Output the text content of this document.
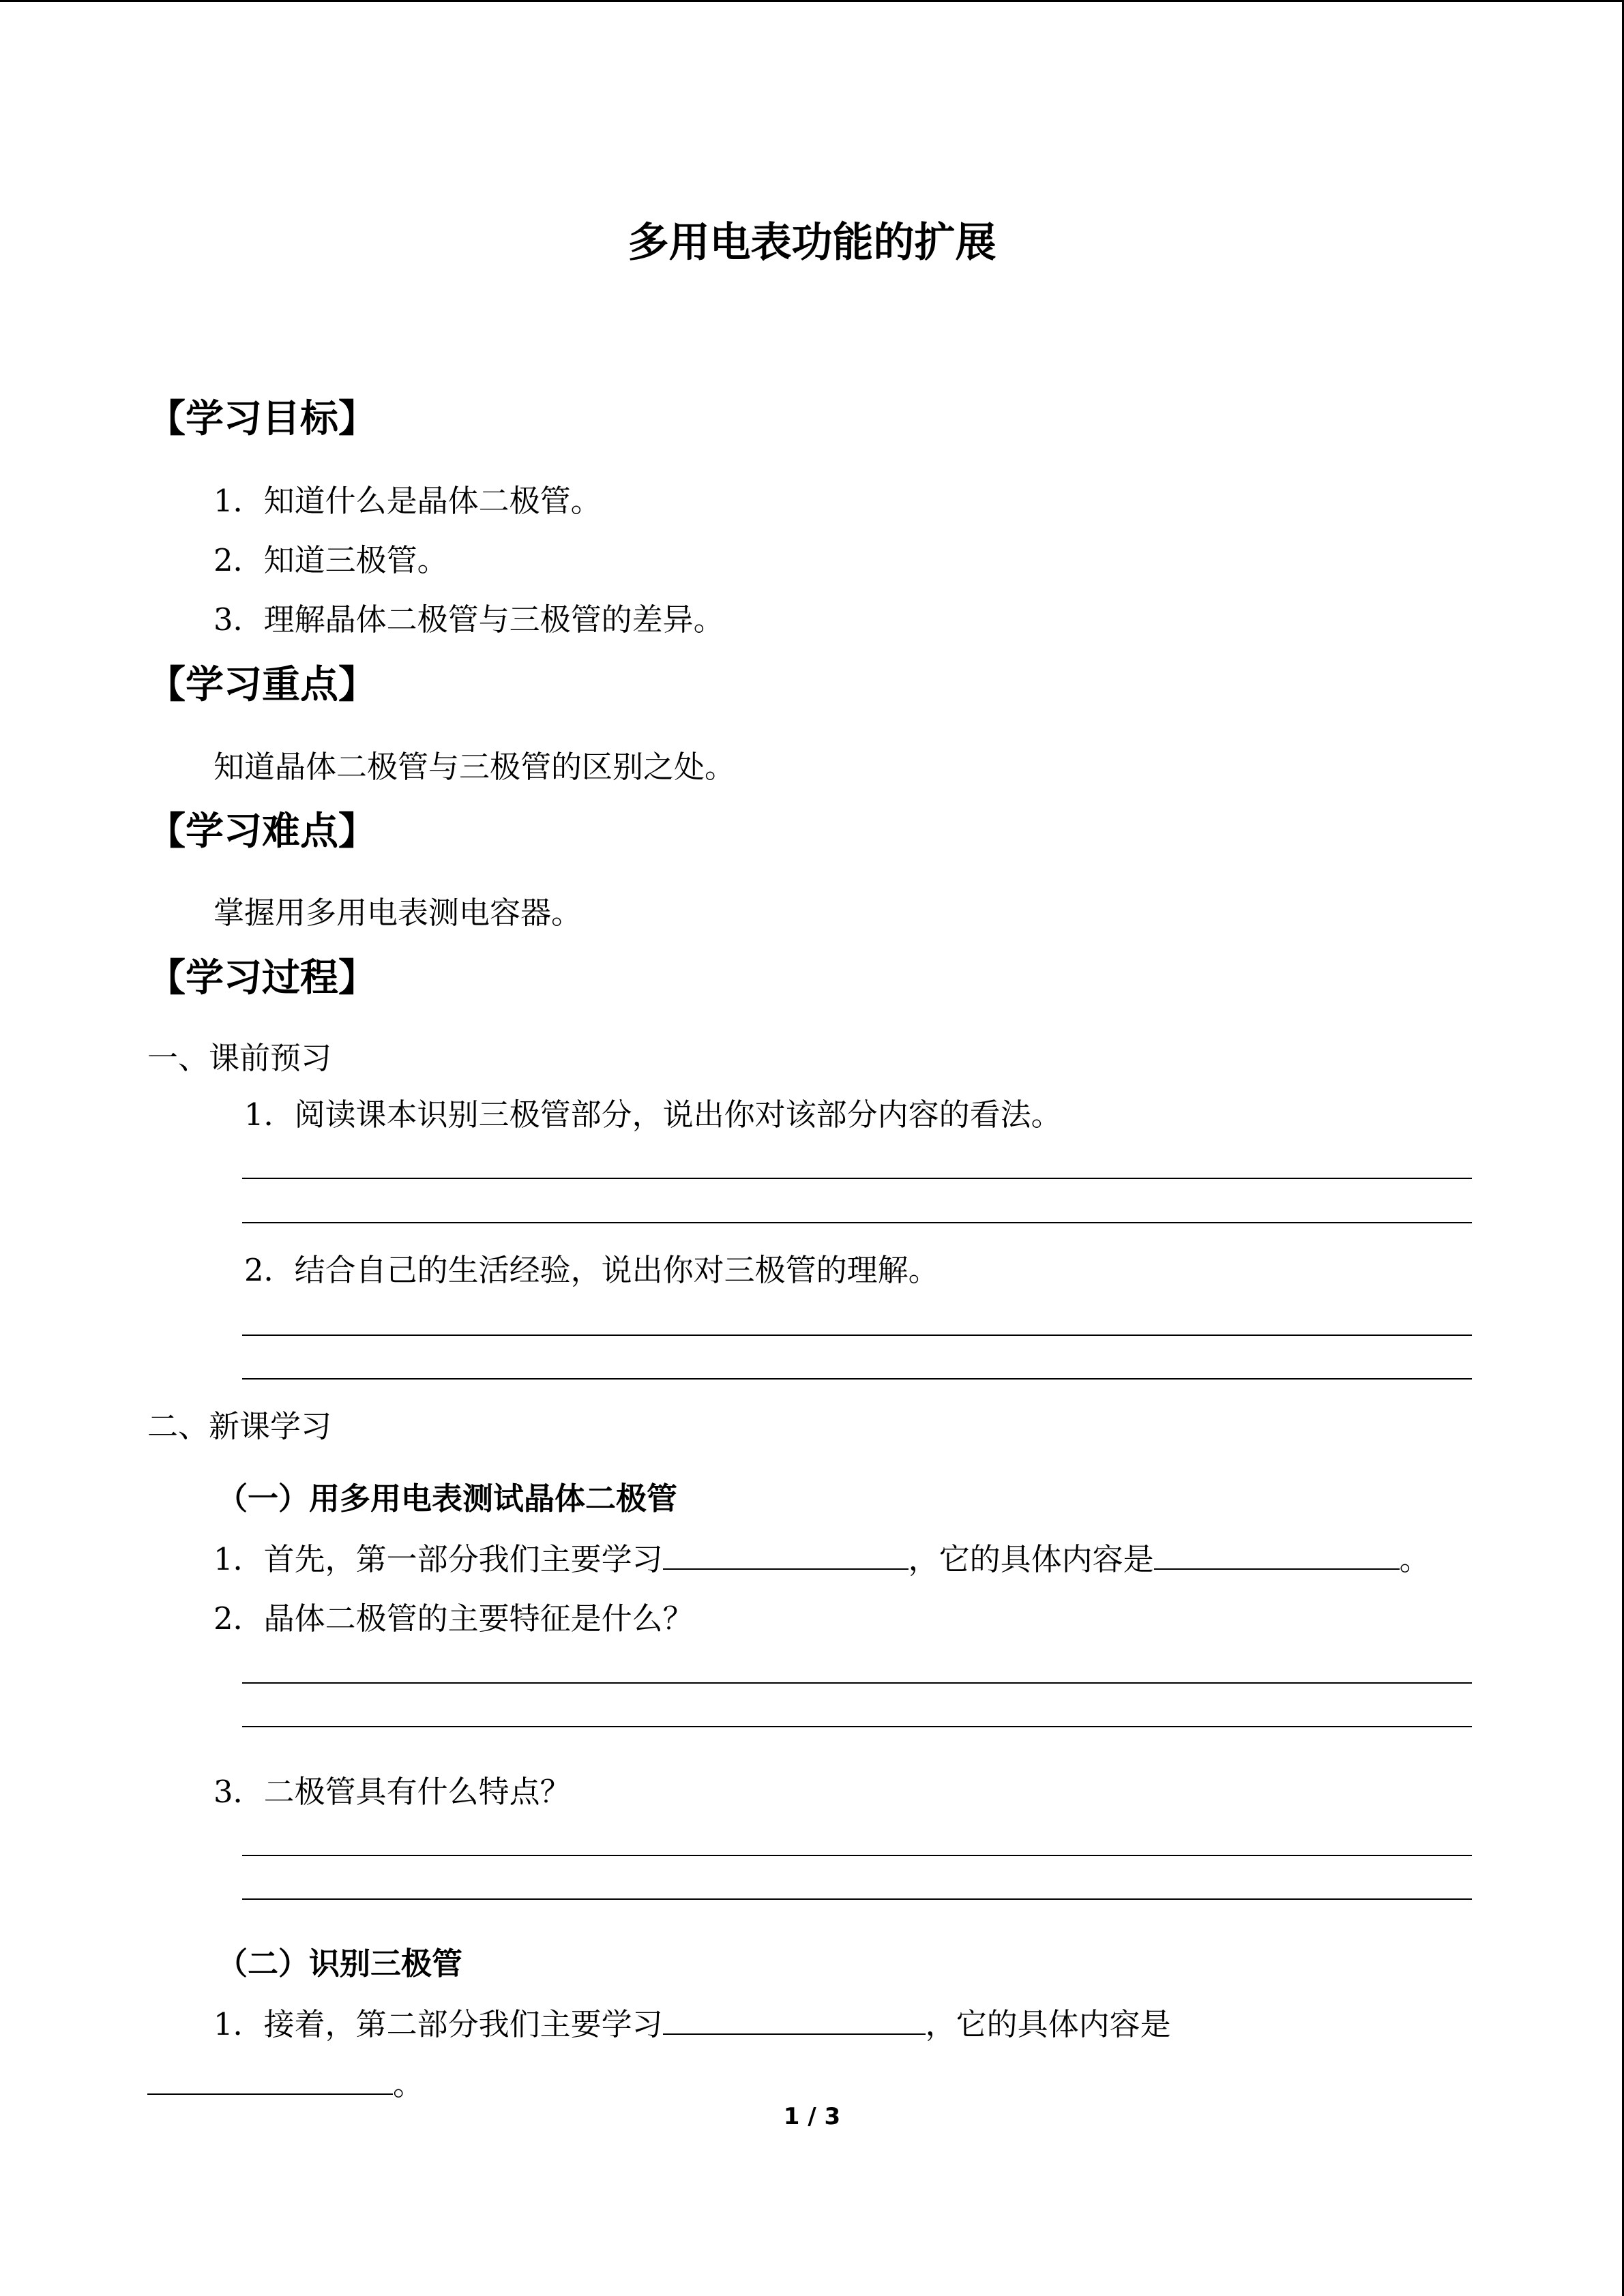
多用电表功能的扩展
【学习目标】
1．知道什么是晶体二极管。
2．知道三极管。
3．理解晶体二极管与三极管的差异。
【学习重点】
知道晶体二极管与三极管的区别之处。
【学习难点】
掌握用多用电表测电容器。
【学习过程】
一、课前预习
1．阅读课本识别三极管部分，说出你对该部分内容的看法。
2．结合自己的生活经验，说出你对三极管的理解。
二、新课学习
（一）用多用电表测试晶体二极管
1．首先，第一部分我们主要学习	，它的具体内容是	。
2．晶体二极管的主要特征是什么？
3．二极管具有什么特点？
（二）识别三极管
1．接着，第二部分我们主要学习	，它的具体内容是
。
1 / 3
